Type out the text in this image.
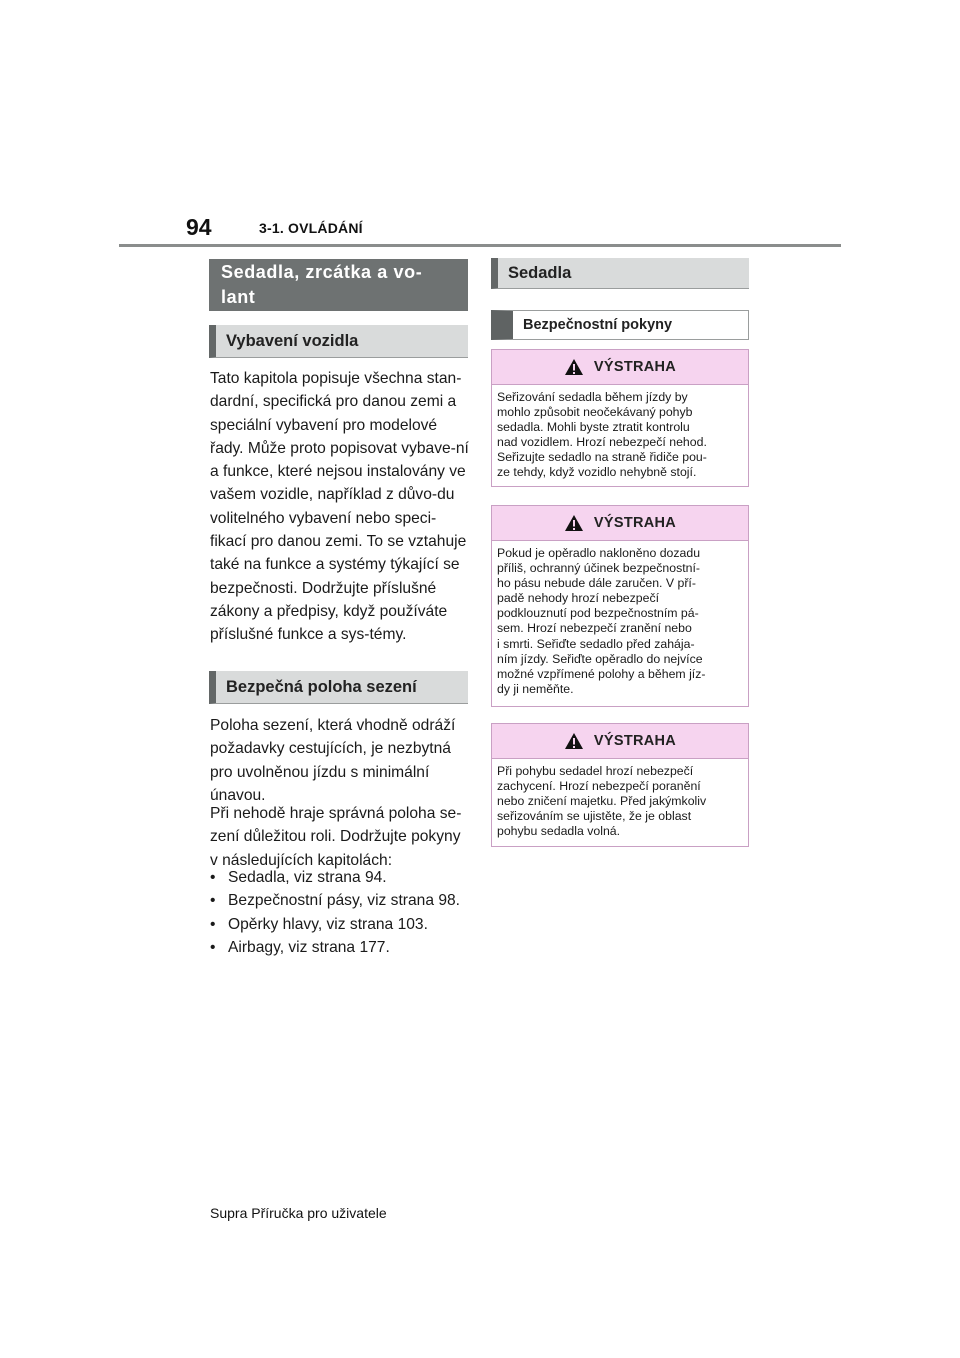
94	3-1. OVLÁDÁNÍ
Sedadla, zrcátka a vo-
lant
Vybavení vozidla

Tato kapitola popisuje všechna stan-dardní, specifická pro danou zemi a speciální vybavení pro modelové řady. Může proto popisovat vybave-ní a funkce, které nejsou instalovány ve vašem vozidle, například z důvo-du volitelného vybavení nebo speci-fikací pro danou zemi. To se vztahuje také na funkce a systémy týkající se bezpečnosti. Dodržujte příslušné zákony a předpisy, když používáte příslušné funkce a sys-témy.

Bezpečná poloha sezení

Poloha sezení, která vhodně odráží požadavky cestujících, je nezbytná pro uvolněnou jízdu s minimální únavou.

Při nehodě hraje správná poloha se-zení důležitou roli. Dodržujte pokyny v následujících kapitolách:

• Sedadla, viz strana 94.
• Bezpečnostní pásy, viz strana 98.
• Opěrky hlavy, viz strana 103.
• Airbagy, viz strana 177.
Sedadla
Bezpečnostní pokyny
VÝSTRAHA
Seřizování sedadla během jízdy by
mohlo způsobit neočekávaný pohyb
sedadla. Mohli byste ztratit kontrolu
nad vozidlem. Hrozí nebezpečí nehod.
Seřizujte sedadlo na straně řidiče pou-
ze tehdy, když vozidlo nehybně stojí.
VÝSTRAHA
Pokud je opěradlo nakloněno dozadu
příliš, ochranný účinek bezpečnostní-
ho pásu nebude dále zaručen. V pří-
padě nehody hrozí nebezpečí
podklouznutí pod bezpečnostním pá-
sem. Hrozí nebezpečí zranění nebo
i smrti. Seřiďte sedadlo před zahája-
ním jízdy. Seřiďte opěradlo do nejvíce
možné vzpřímené polohy a během jíz-
dy ji neměňte.
VÝSTRAHA
Při pohybu sedadel hrozí nebezpečí
zachycení. Hrozí nebezpečí poranění
nebo zničení majetku. Před jakýmkoliv
seřizováním se ujistěte, že je oblast
pohybu sedadla volná.
Supra Příručka pro uživatele
